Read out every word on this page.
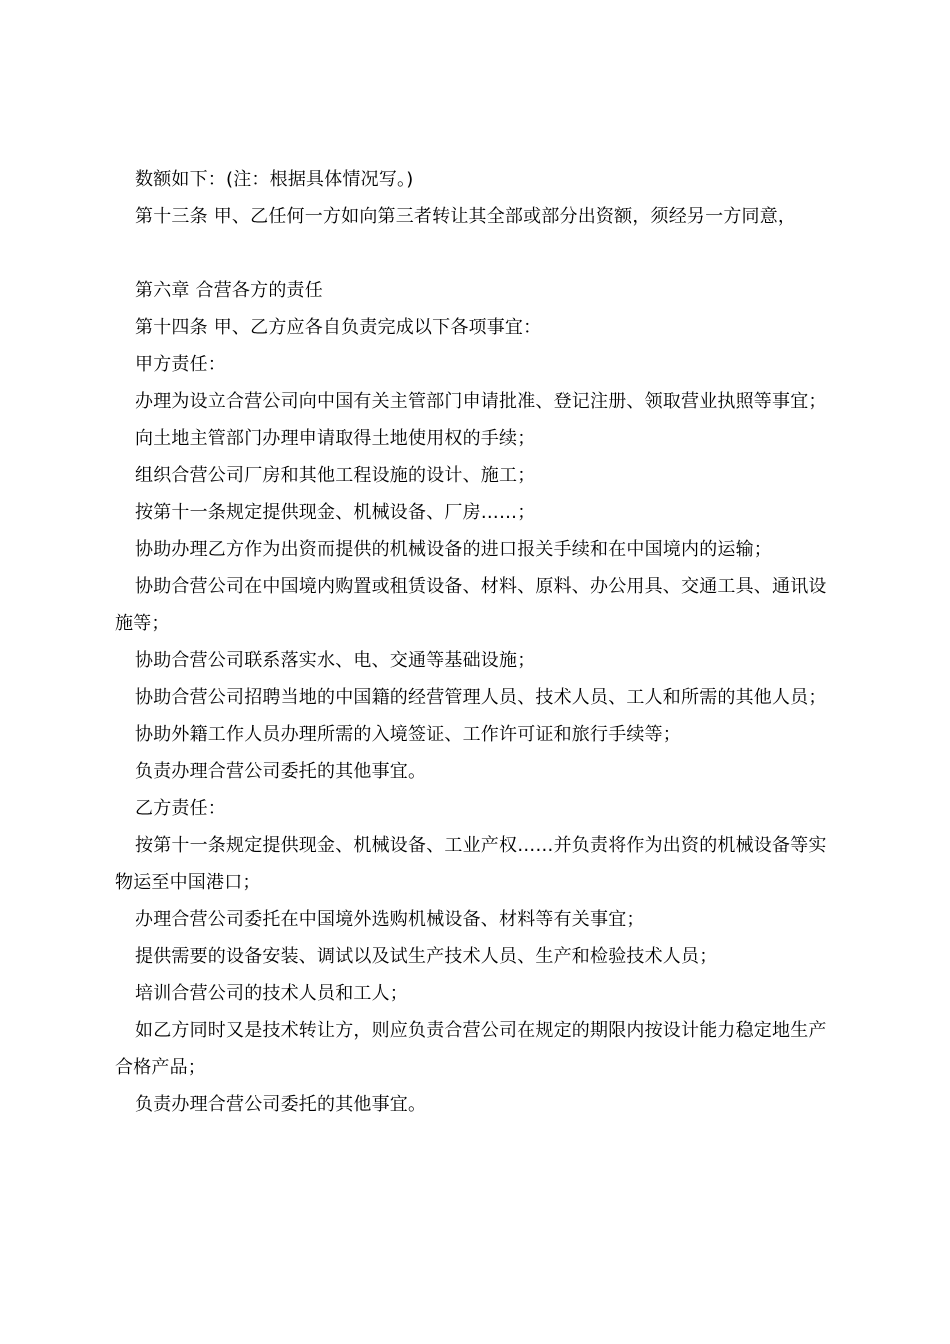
数额如下：(注：根据具体情况写。)

第十三条 甲、乙任何一方如向第三者转让其全部或部分出资额，须经另一方同意，

第六章 合营各方的责任

第十四条 甲、乙方应各自负责完成以下各项事宜：

甲方责任：

办理为设立合营公司向中国有关主管部门申请批准、登记注册、领取营业执照等事宜；

向土地主管部门办理申请取得土地使用权的手续；

组织合营公司厂房和其他工程设施的设计、施工；

按第十一条规定提供现金、机械设备、厂房……；

协助办理乙方作为出资而提供的机械设备的进口报关手续和在中国境内的运输；

协助合营公司在中国境内购置或租赁设备、材料、原料、办公用具、交通工具、通讯设施等；

协助合营公司联系落实水、电、交通等基础设施；

协助合营公司招聘当地的中国籍的经营管理人员、技术人员、工人和所需的其他人员；

协助外籍工作人员办理所需的入境签证、工作许可证和旅行手续等；

负责办理合营公司委托的其他事宜。

乙方责任：

按第十一条规定提供现金、机械设备、工业产权……并负责将作为出资的机械设备等实物运至中国港口；

办理合营公司委托在中国境外选购机械设备、材料等有关事宜；

提供需要的设备安装、调试以及试生产技术人员、生产和检验技术人员；

培训合营公司的技术人员和工人；

如乙方同时又是技术转让方，则应负责合营公司在规定的期限内按设计能力稳定地生产合格产品；

负责办理合营公司委托的其他事宜。
